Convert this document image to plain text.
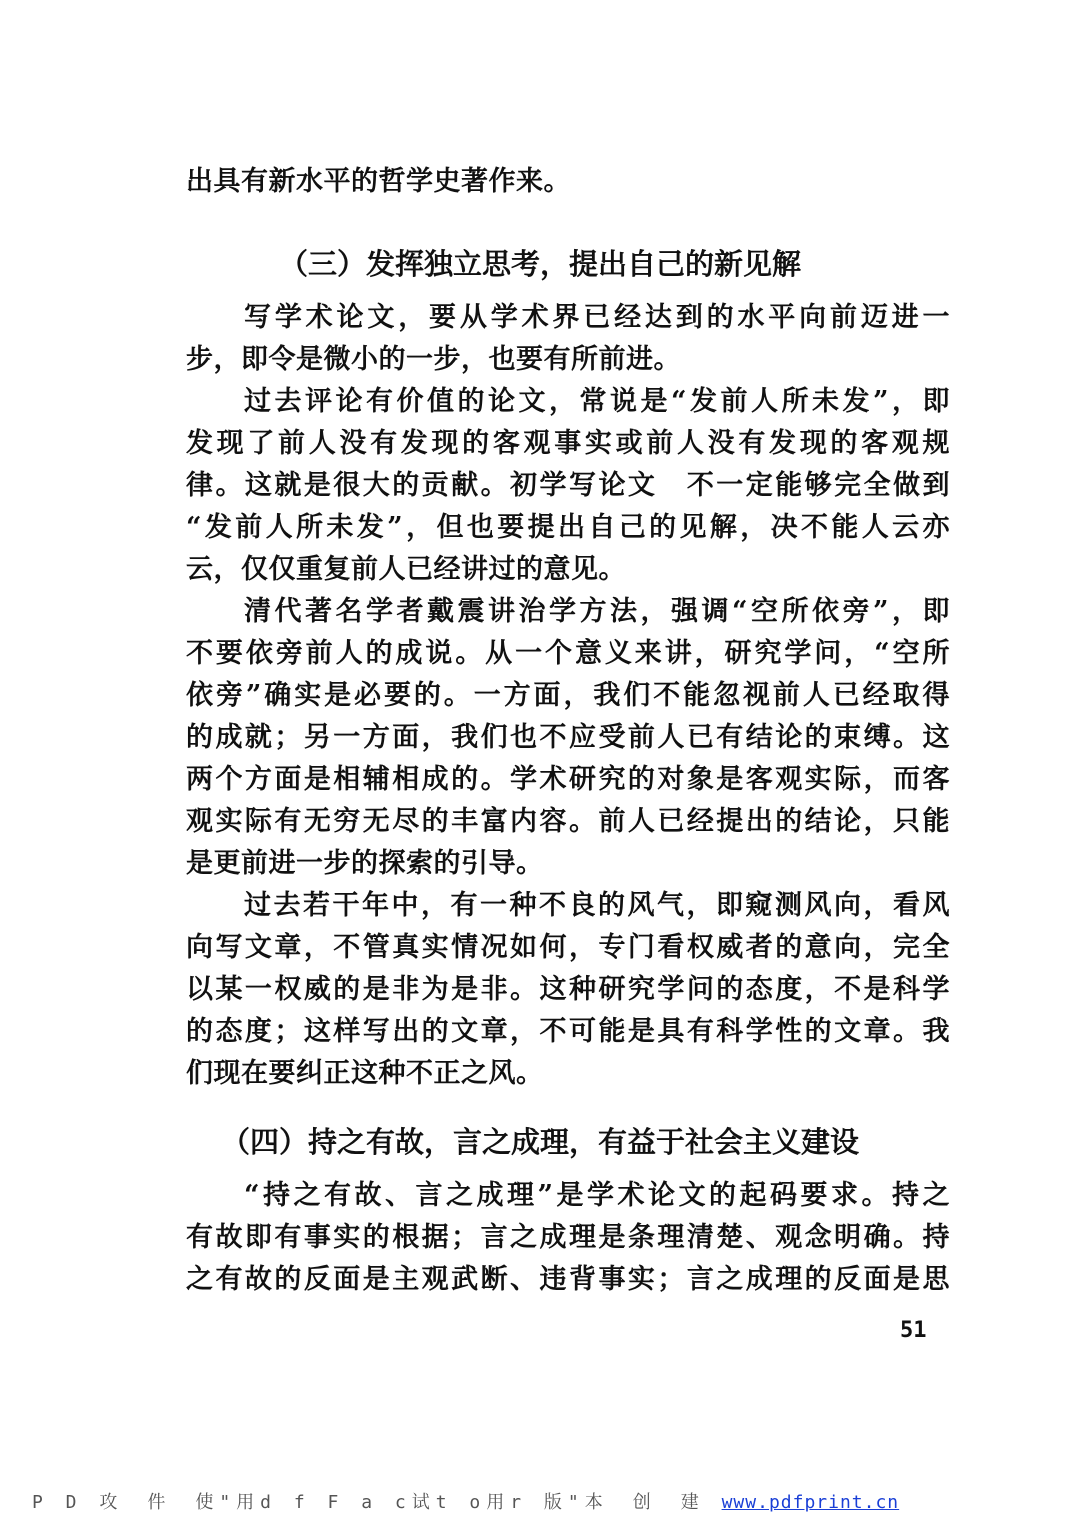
出具有新水平的哲学史著作来。
（三）发挥独立思考，提出自己的新见解
写学术论文，要从学术界已经达到的水平向前迈进一
步，即令是微小的一步，也要有所前进。
过去评论有价值的论文，常说是“发前人所未发”，即
发现了前人没有发现的客观事实或前人没有发现的客观规
律。这就是很大的贡献。初学写论文　不一定能够完全做到
“发前人所未发”，但也要提出自己的见解，决不能人云亦
云，仅仅重复前人已经讲过的意见。
清代著名学者戴震讲治学方法，强调“空所依旁”，即
不要依旁前人的成说。从一个意义来讲，研究学问，“空所
依旁”确实是必要的。一方面，我们不能忽视前人已经取得
的成就；另一方面，我们也不应受前人已有结论的束缚。这
两个方面是相辅相成的。学术研究的对象是客观实际，而客
观实际有无穷无尽的丰富内容。前人已经提出的结论，只能
是更前进一步的探索的引导。
过去若干年中，有一种不良的风气，即窥测风向，看风
向写文章，不管真实情况如何，专门看权威者的意向，完全
以某一权威的是非为是非。这种研究学问的态度，不是科学
的态度；这样写出的文章，不可能是具有科学性的文章。我
们现在要纠正这种不正之风。
（四）持之有故，言之成理，有益于社会主义建设
“持之有故、言之成理”是学术论文的起码要求。持之
有故即有事实的根据；言之成理是条理清楚、观念明确。持
之有故的反面是主观武断、违背事实；言之成理的反面是思
51
P D 攻　件　使"用d f F a c试t o用r 版"本　创　建 www.pdfprint.cn
